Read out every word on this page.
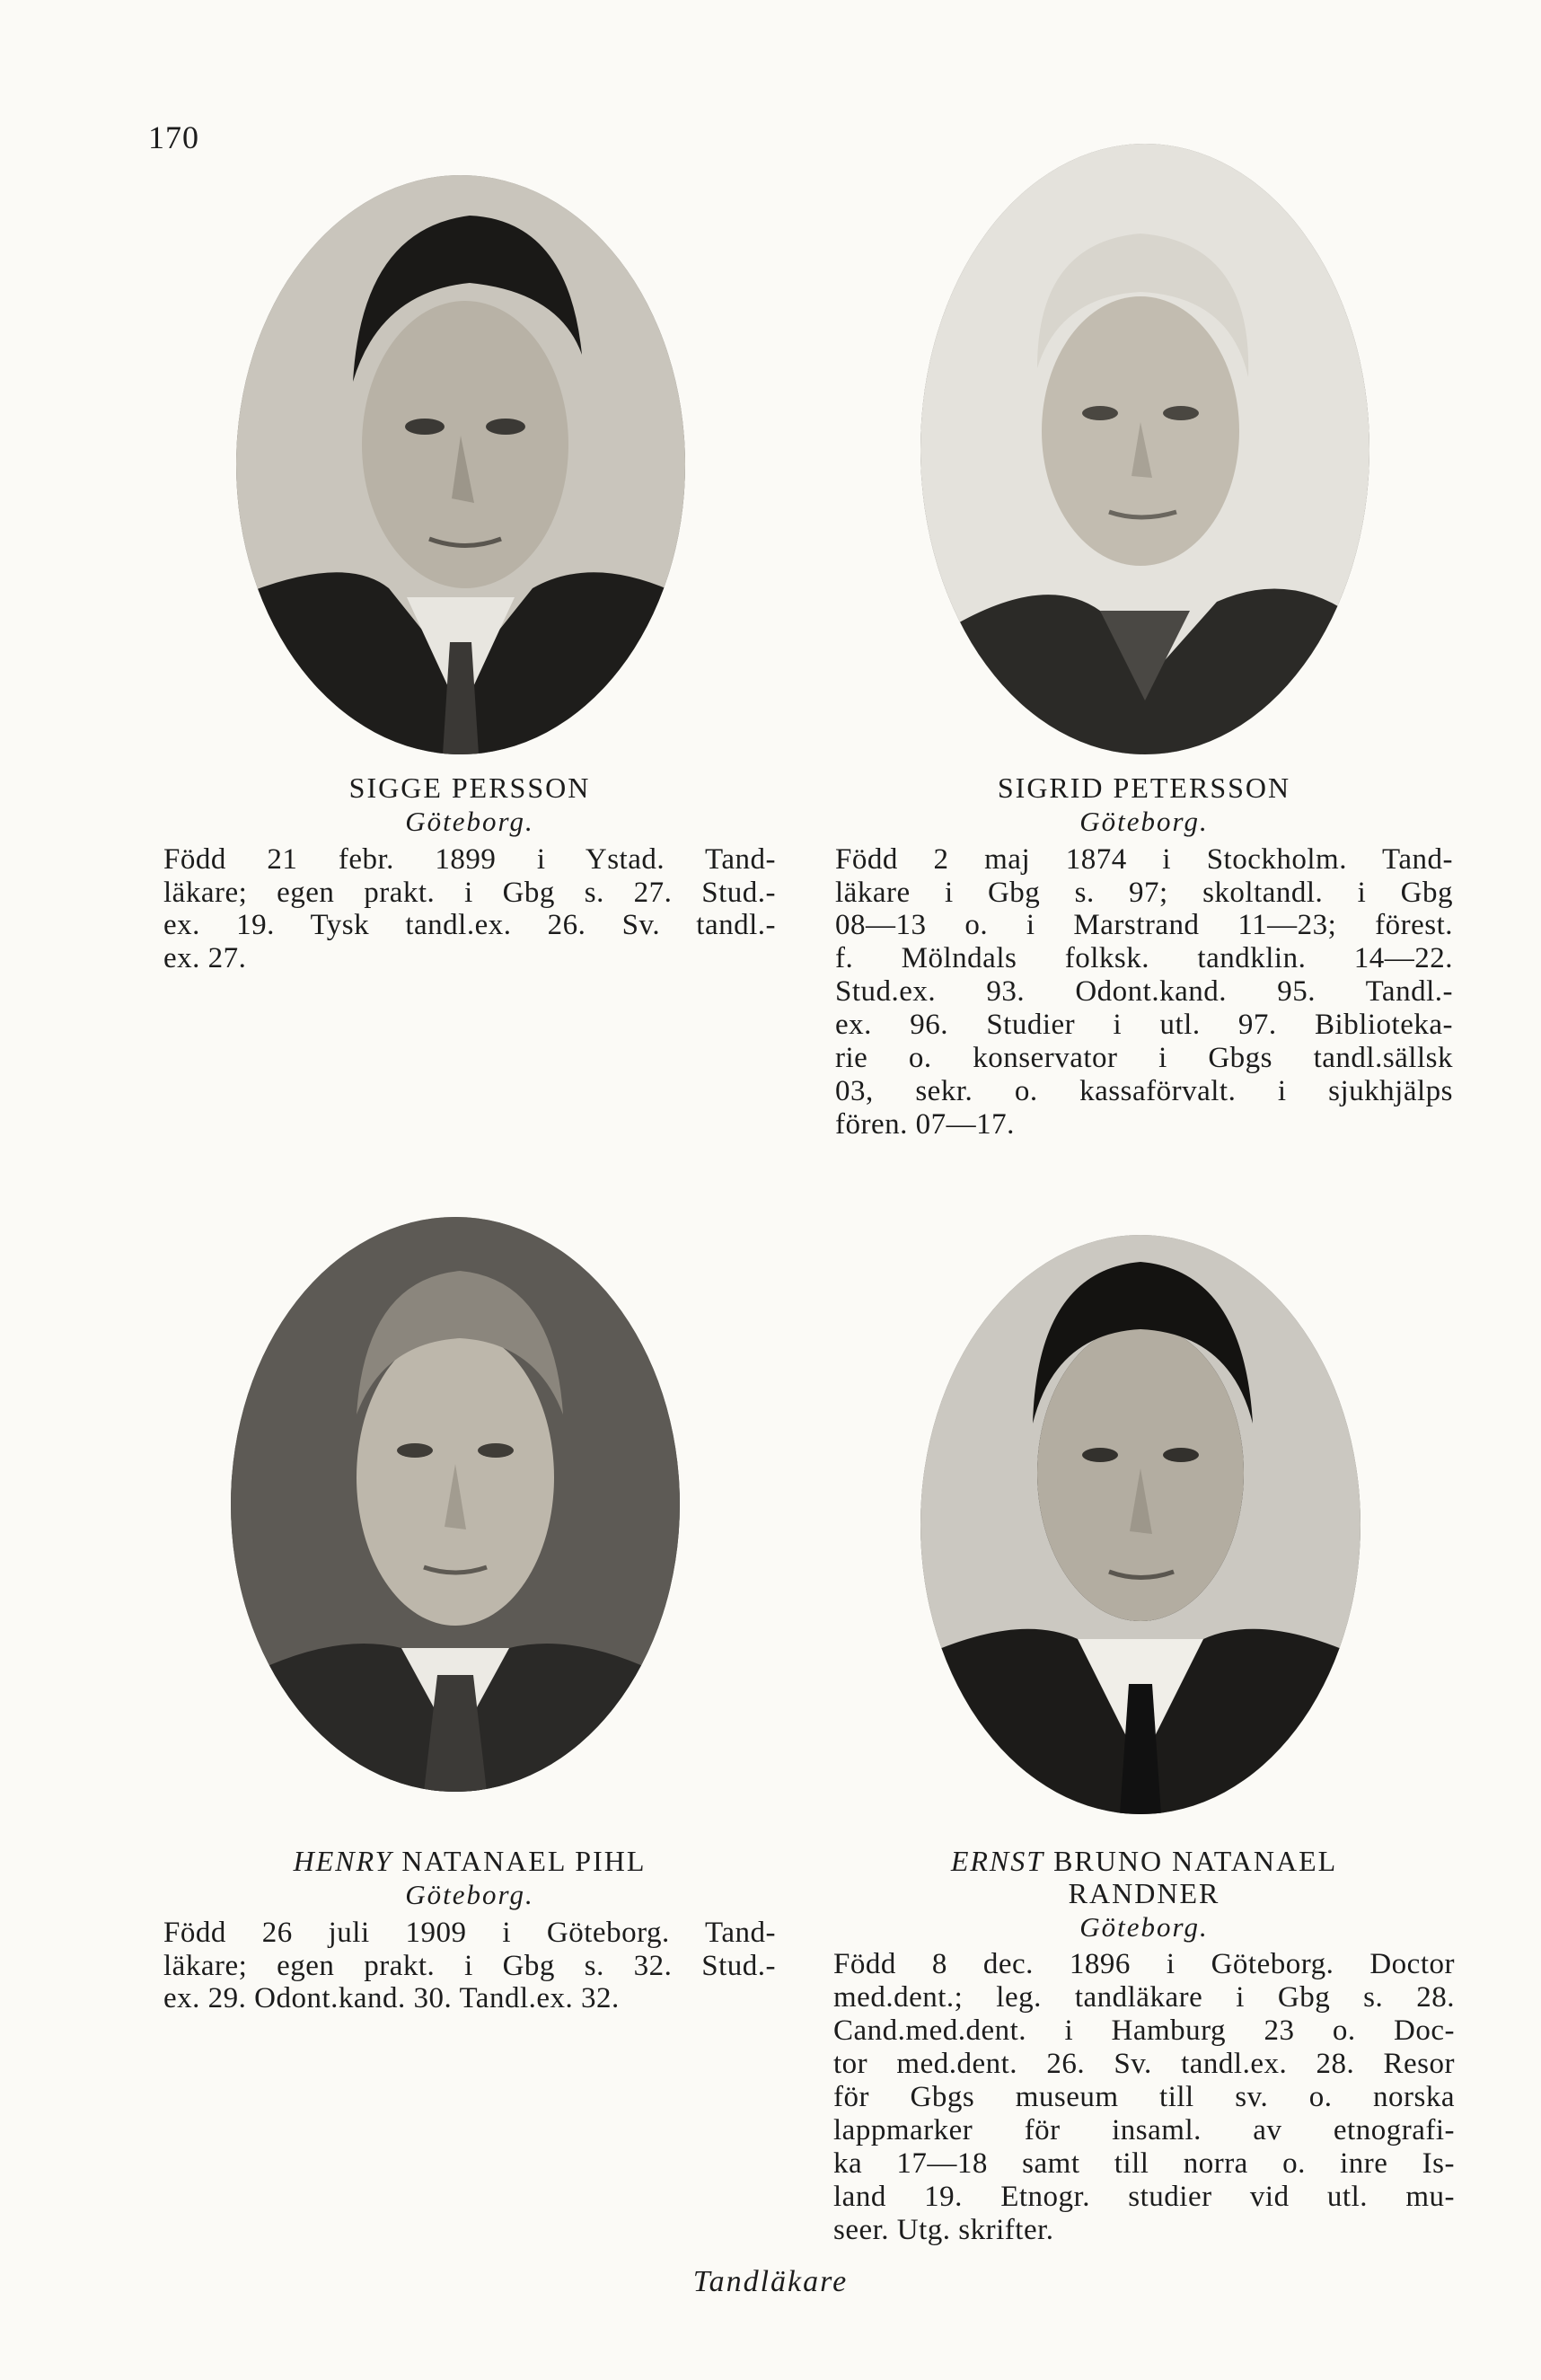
170
SIGGE PERSSON
Göteborg.
Född 21 febr. 1899 i Ystad. Tand-
läkare; egen prakt. i Gbg s. 27. Stud.-
ex. 19. Tysk tandl.ex. 26. Sv. tandl.-
ex. 27.
SIGRID PETERSSON
Göteborg.
Född 2 maj 1874 i Stockholm. Tand-
läkare i Gbg s. 97; skoltandl. i Gbg
08—13 o. i Marstrand 11—23; förest.
f. Mölndals folksk. tandklin. 14—22.
Stud.ex. 93. Odont.kand. 95. Tandl.-
ex. 96. Studier i utl. 97. Biblioteka-
rie o. konservator i Gbgs tandl.sällsk
03, sekr. o. kassaförvalt. i sjukhjälps
fören. 07—17.
HENRY NATANAEL PIHL
Göteborg.
Född 26 juli 1909 i Göteborg. Tand-
läkare; egen prakt. i Gbg s. 32. Stud.-
ex. 29. Odont.kand. 30. Tandl.ex. 32.
ERNST BRUNO NATANAEL
RANDNER
Göteborg.
Född 8 dec. 1896 i Göteborg. Doctor
med.dent.; leg. tandläkare i Gbg s. 28.
Cand.med.dent. i Hamburg 23 o. Doc-
tor med.dent. 26. Sv. tandl.ex. 28. Resor
för Gbgs museum till sv. o. norska
lappmarker för insaml. av etnografi-
ka 17—18 samt till norra o. inre Is-
land 19. Etnogr. studier vid utl. mu-
seer. Utg. skrifter.
Tandläkare
